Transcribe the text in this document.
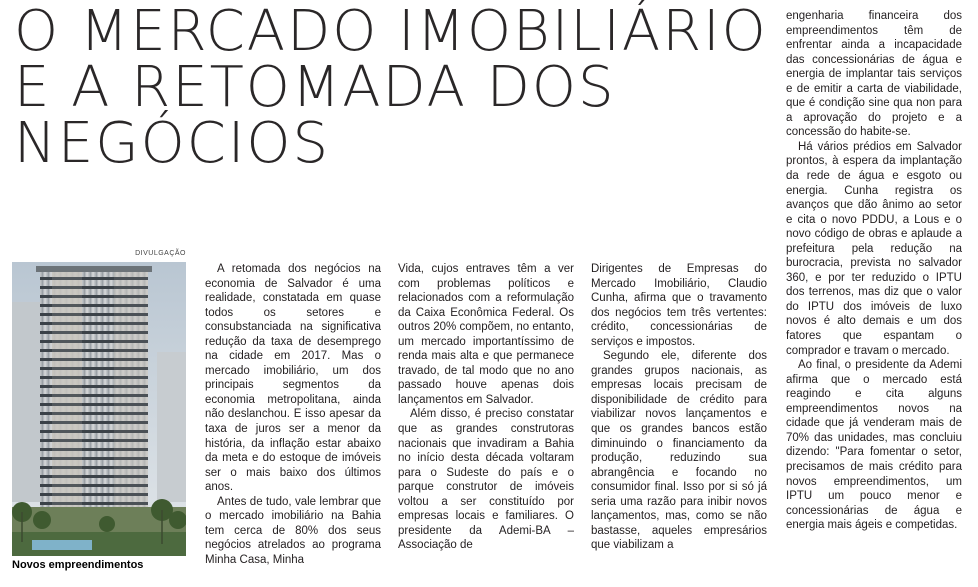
O MERCADO IMOBILIÁRIO
E A RETOMADA DOS
NEGÓCIOS
DIVULGAÇÃO
Novos empreendimentos

A retomada dos negócios na economia de Salvador é uma realidade, constatada em quase todos os setores e consubstanciada na significativa redução da taxa de desemprego na cidade em 2017. Mas o mercado imobiliário, um dos principais segmentos da economia metropolitana, ainda não deslanchou. E isso apesar da taxa de juros ser a menor da história, da inflação estar abaixo da meta e do estoque de imóveis ser o mais baixo dos últimos anos.

Antes de tudo, vale lembrar que o mercado imobiliário na Bahia tem cerca de 80% dos seus negócios atrelados ao programa Minha Casa, Minha

Vida, cujos entraves têm a ver com problemas políticos e relacionados com a reformulação da Caixa Econômica Federal. Os outros 20% compõem, no entanto, um mercado importantíssimo de renda mais alta e que permanece travado, de tal modo que no ano passado houve apenas dois lançamentos em Salvador.

Além disso, é preciso constatar que as grandes construtoras nacionais que invadiram a Bahia no início desta década voltaram para o Sudeste do país e o parque construtor de imóveis voltou a ser constituído por empresas locais e familiares. O presidente da Ademi-BA – Associação de

Dirigentes de Empresas do Mercado Imobiliário, Claudio Cunha, afirma que o travamento dos negócios tem três vertentes: crédito, concessionárias de serviços e impostos.

Segundo ele, diferente dos grandes grupos nacionais, as empresas locais precisam de disponibilidade de crédito para viabilizar novos lançamentos e que os grandes bancos estão diminuindo o financiamento da produção, reduzindo sua abrangência e focando no consumidor final. Isso por si só já seria uma razão para inibir novos lançamentos, mas, como se não bastasse, aqueles empresários que viabilizam a

engenharia financeira dos empreendimentos têm de enfrentar ainda a incapacidade das concessionárias de água e energia de implantar tais serviços e de emitir a carta de viabilidade, que é condição sine qua non para a aprovação do projeto e a concessão do habite-se.

Há vários prédios em Salvador prontos, à espera da implantação da rede de água e esgoto ou energia. Cunha registra os avanços que dão ânimo ao setor e cita o novo PDDU, a Lous e o novo código de obras e aplaude a prefeitura pela redução na burocracia, prevista no salvador 360, e por ter reduzido o IPTU dos terrenos, mas diz que o valor do IPTU dos imóveis de luxo novos é alto demais e um dos fatores que espantam o comprador e travam o mercado.

Ao final, o presidente da Ademi afirma que o mercado está reagindo e cita alguns empreendimentos novos na cidade que já venderam mais de 70% das unidades, mas concluiu dizendo: "Para fomentar o setor, precisamos de mais crédito para novos empreendimentos, um IPTU um pouco menor e concessionárias de água e energia mais ágeis e competidas.
